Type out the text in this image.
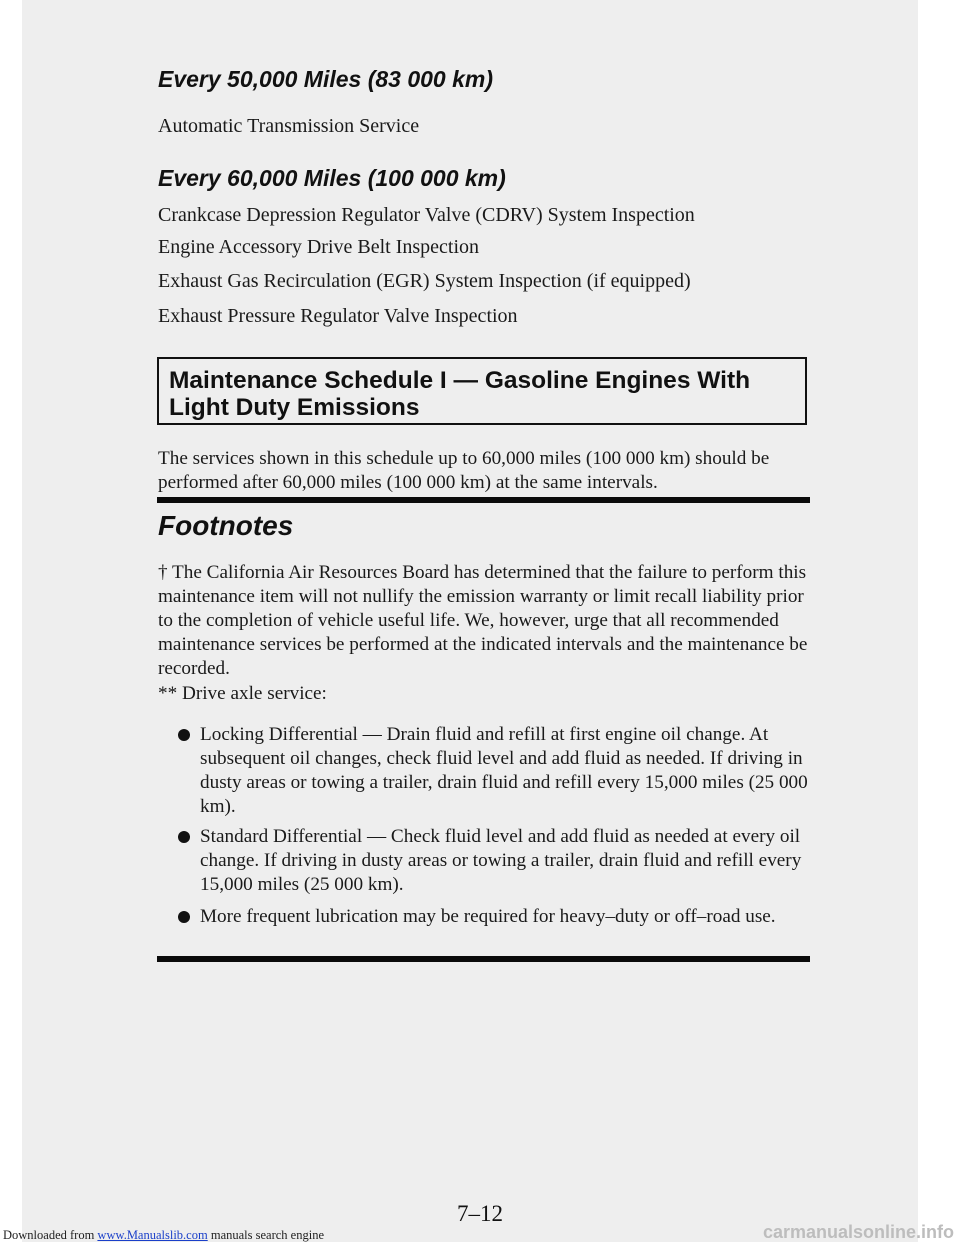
Every 50,000 Miles (83 000 km)
Automatic Transmission Service
Every 60,000 Miles (100 000 km)
Crankcase Depression Regulator Valve (CDRV) System Inspection
Engine Accessory Drive Belt Inspection
Exhaust Gas Recirculation (EGR) System Inspection (if equipped)
Exhaust Pressure Regulator Valve Inspection
Maintenance Schedule I — Gasoline Engines With
Light Duty Emissions
The services shown in this schedule up to 60,000 miles (100 000 km) should be performed after 60,000 miles (100 000 km) at the same intervals.
Footnotes
† The California Air Resources Board has determined that the failure to perform this maintenance item will not nullify the emission warranty or limit recall liability prior to the completion of vehicle useful life. We, however, urge that all recommended maintenance services be performed at the indicated intervals and the maintenance be recorded.
** Drive axle service:
Locking Differential — Drain fluid and refill at first engine oil change. At subsequent oil changes, check fluid level and add fluid as needed. If driving in dusty areas or towing a trailer, drain fluid and refill every 15,000 miles (25 000 km).
Standard Differential — Check fluid level and add fluid as needed at every oil change. If driving in dusty areas or towing a trailer, drain fluid and refill every 15,000 miles (25 000 km).
More frequent lubrication may be required for heavy–duty or off–road use.
7–12
Downloaded from www.Manualslib.com manuals search engine	carmanualsonline.info
